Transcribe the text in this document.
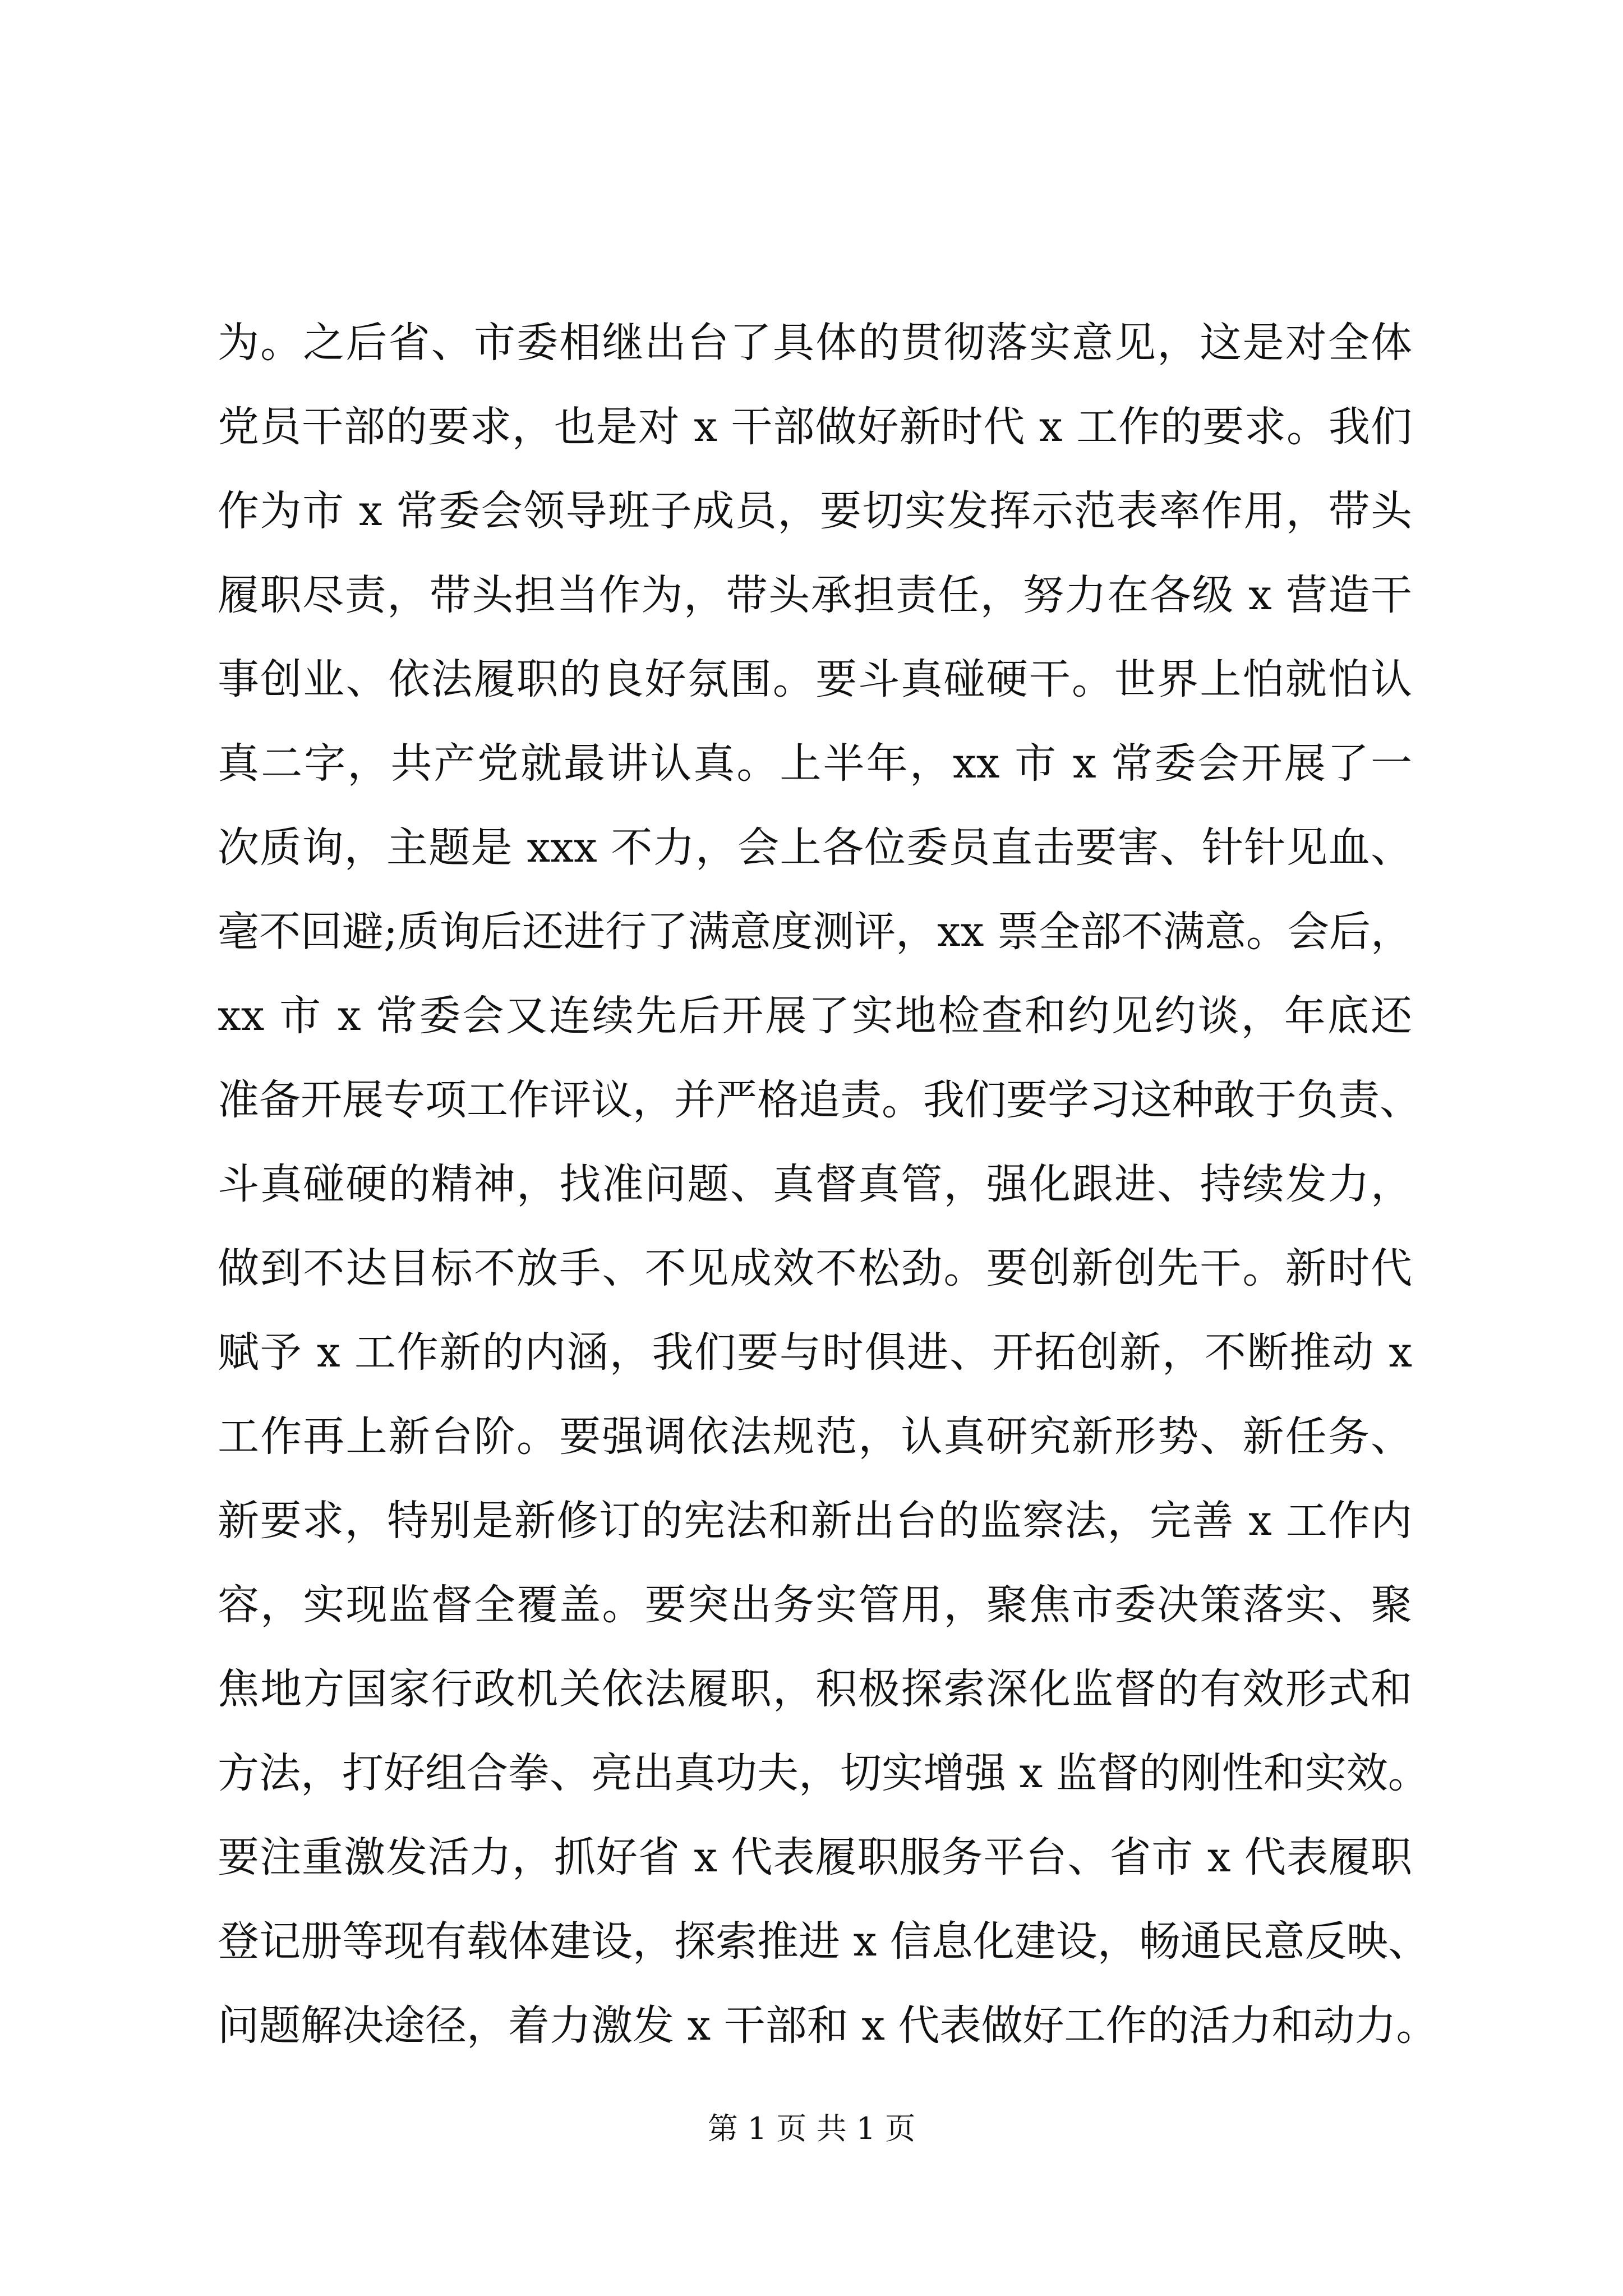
为。之后省、市委相继出台了具体的贯彻落实意见，这是对全体
党员干部的要求，也是对 x 干部做好新时代 x 工作的要求。我们
作为市 x 常委会领导班子成员，要切实发挥示范表率作用，带头
履职尽责，带头担当作为，带头承担责任，努力在各级 x 营造干
事创业、依法履职的良好氛围。要斗真碰硬干。世界上怕就怕认
真二字，共产党就最讲认真。上半年，xx 市 x 常委会开展了一
次质询，主题是 xxx 不力，会上各位委员直击要害、针针见血、
毫不回避;质询后还进行了满意度测评，xx 票全部不满意。会后，
xx 市 x 常委会又连续先后开展了实地检查和约见约谈，年底还
准备开展专项工作评议，并严格追责。我们要学习这种敢于负责、
斗真碰硬的精神，找准问题、真督真管，强化跟进、持续发力，
做到不达目标不放手、不见成效不松劲。要创新创先干。新时代
赋予 x 工作新的内涵，我们要与时俱进、开拓创新，不断推动 x
工作再上新台阶。要强调依法规范，认真研究新形势、新任务、
新要求，特别是新修订的宪法和新出台的监察法，完善 x 工作内
容，实现监督全覆盖。要突出务实管用，聚焦市委决策落实、聚
焦地方国家行政机关依法履职，积极探索深化监督的有效形式和
方法，打好组合拳、亮出真功夫，切实增强 x 监督的刚性和实效。
要注重激发活力，抓好省 x 代表履职服务平台、省市 x 代表履职
登记册等现有载体建设，探索推进 x 信息化建设，畅通民意反映、
问题解决途径，着力激发 x 干部和 x 代表做好工作的活力和动力。
第 1 页 共 1 页
